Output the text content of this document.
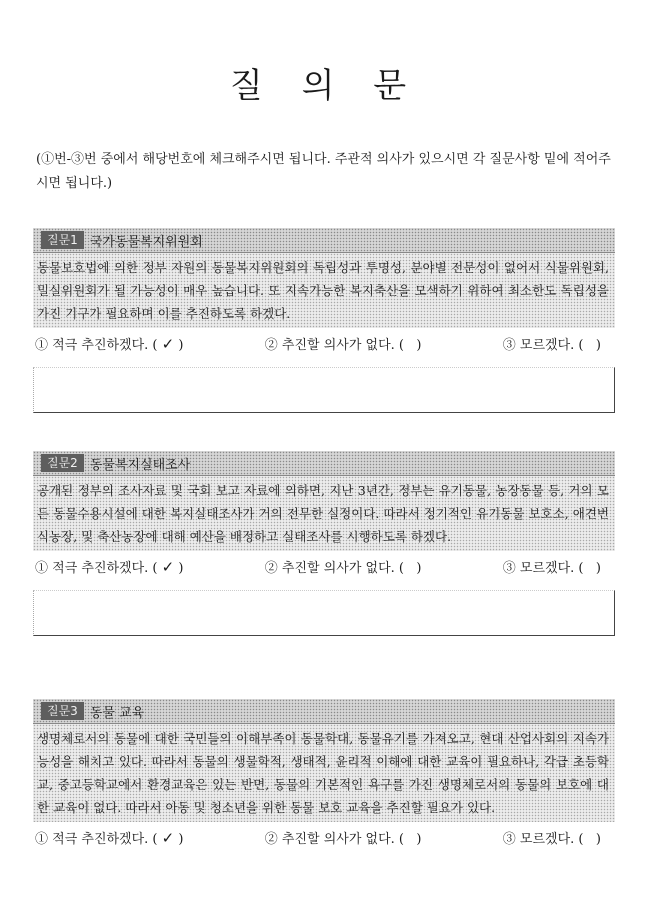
질 의 문
(①번-③번 중에서 해당번호에 체크해주시면 됩니다. 주관적 의사가 있으시면 각 질문사항 밑에 적어주시면 됩니다.)
질문1 국가동물복지위원회
동물보호법에 의한 정부 자원의 동물복지위원회의 독립성과 투명성, 분야별 전문성이 없어서 식물위원회, 밀실위원회가 될 가능성이 매우 높습니다. 또 지속가능한 복지축산을 모색하기 위하여 최소한도 독립성을 가진 기구가 필요하며 이를 추진하도록 하겠다.
① 적극 추진하겠다. ( ✓ )	② 추진할 의사가 없다. ( )	③ 모르겠다. ( )
질문2 동물복지실태조사
공개된 정부의 조사자료 및 국회 보고 자료에 의하면, 지난 3년간, 정부는 유기동물, 농장동물 등, 거의 모든 동물수용시설에 대한 복지실태조사가 거의 전무한 실정이다. 따라서 정기적인 유기동물 보호소, 애견번식농장, 및 축산농장에 대해 예산을 배정하고 실태조사를 시행하도록 하겠다.
① 적극 추진하겠다. ( ✓ )	② 추진할 의사가 없다. ( )	③ 모르겠다. ( )
질문3 동물 교육
생명체로서의 동물에 대한 국민들의 이해부족이 동물학대, 동물유기를 가져오고, 현대 산업사회의 지속가능성을 해치고 있다. 따라서 동물의 생물학적, 생태적, 윤리적 이해에 대한 교육이 필요하나, 각급 초등학교, 중고등학교에서 환경교육은 있는 반면, 동물의 기본적인 욕구를 가진 생명체로서의 동물의 보호에 대한 교육이 없다. 따라서 아동 및 청소년을 위한 동물 보호 교육을 추진할 필요가 있다.
① 적극 추진하겠다. ( ✓ )	② 추진할 의사가 없다. ( )	③ 모르겠다. ( )
